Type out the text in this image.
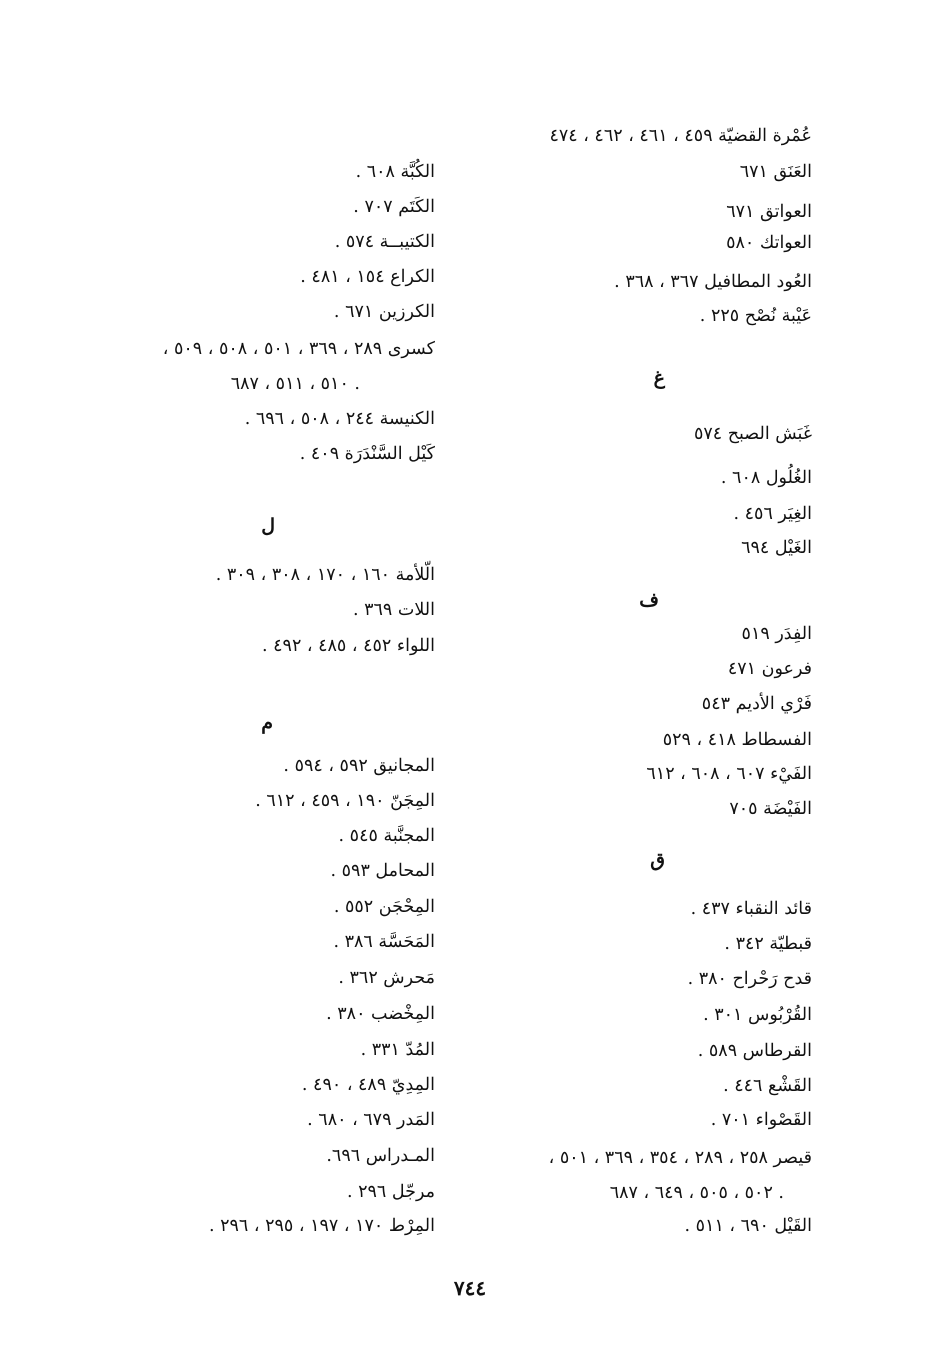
عُمْرة القضيّة ٤٥٩ ، ٤٦١ ، ٤٦٢ ، ٤٧٤
العَنَق ٦٧١
العواتق ٦٧١
العواتك ٥٨٠
العُود المطافيل ٣٦٧ ، ٣٦٨ .
عَيْبة نُصْح ٢٢٥ .
غ
غَبَش الصبح ٥٧٤
الغُلُول ٦٠٨ .
الغِيَر ٤٥٦ .
الغَيْل ٦٩٤
ف
الفِدَر ٥١٩
فرعون ٤٧١
فَرْي الأديم ٥٤٣
الفسطاط ٤١٨ ، ٥٢٩
الفَيْء ٦٠٧ ، ٦٠٨ ، ٦١٢
الفَيْضَة ٧٠٥
ق
قائد النقباء ٤٣٧ .
قبطيّة ٣٤٢ .
قدح رَحْراح ٣٨٠ .
القُرْبُوس ٣٠١ .
القرطاس ٥٨٩ .
القَشْع ٤٤٦ .
القَصْواء ٧٠١ .
قيصر ٢٥٨ ، ٢٨٩ ، ٣٥٤ ، ٣٦٩ ، ٥٠١ ،
٥٠٢ ، ٥٠٥ ، ٦٤٩ ، ٦٨٧ .
القَيْل ٦٩٠ ، ٥١١ .
الكُبَّة ٦٠٨ .
الكَتَم ٧٠٧ .
الكتيبــة ٥٧٤ .
الكراع ١٥٤ ، ٤٨١ .
الكرزين ٦٧١ .
كسرى ٢٨٩ ، ٣٦٩ ، ٥٠١ ، ٥٠٨ ، ٥٠٩ ،
٥١٠ ، ٥١١ ، ٦٨٧ .
الكنيسة ٢٤٤ ، ٥٠٨ ، ٦٩٦ .
كَيْل السَّنْدَرَة ٤٠٩ .
ل
الّلأمة ١٦٠ ، ١٧٠ ، ٣٠٨ ، ٣٠٩ .
اللات ٣٦٩ .
اللواء ٤٥٢ ، ٤٨٥ ، ٤٩٢ .
م
المجانيق ٥٩٢ ، ٥٩٤ .
المِجَنّ ١٩٠ ، ٤٥٩ ، ٦١٢ .
المجنَّبة ٥٤٥ .
المحامل ٥٩٣ .
المِحْجَن ٥٥٢ .
المَحَسَّة ٣٨٦ .
مَحرش ٣٦٢ .
المِخْضب ٣٨٠ .
المُدّ ٣٣١ .
المِدِيّ ٤٨٩ ، ٤٩٠ .
المَدر ٦٧٩ ، ٦٨٠ .
المـدراس ٦٩٦.
مرجّل ٢٩٦ .
المِرْط ١٧٠ ، ١٩٧ ، ٢٩٥ ، ٢٩٦ .
٧٤٤
